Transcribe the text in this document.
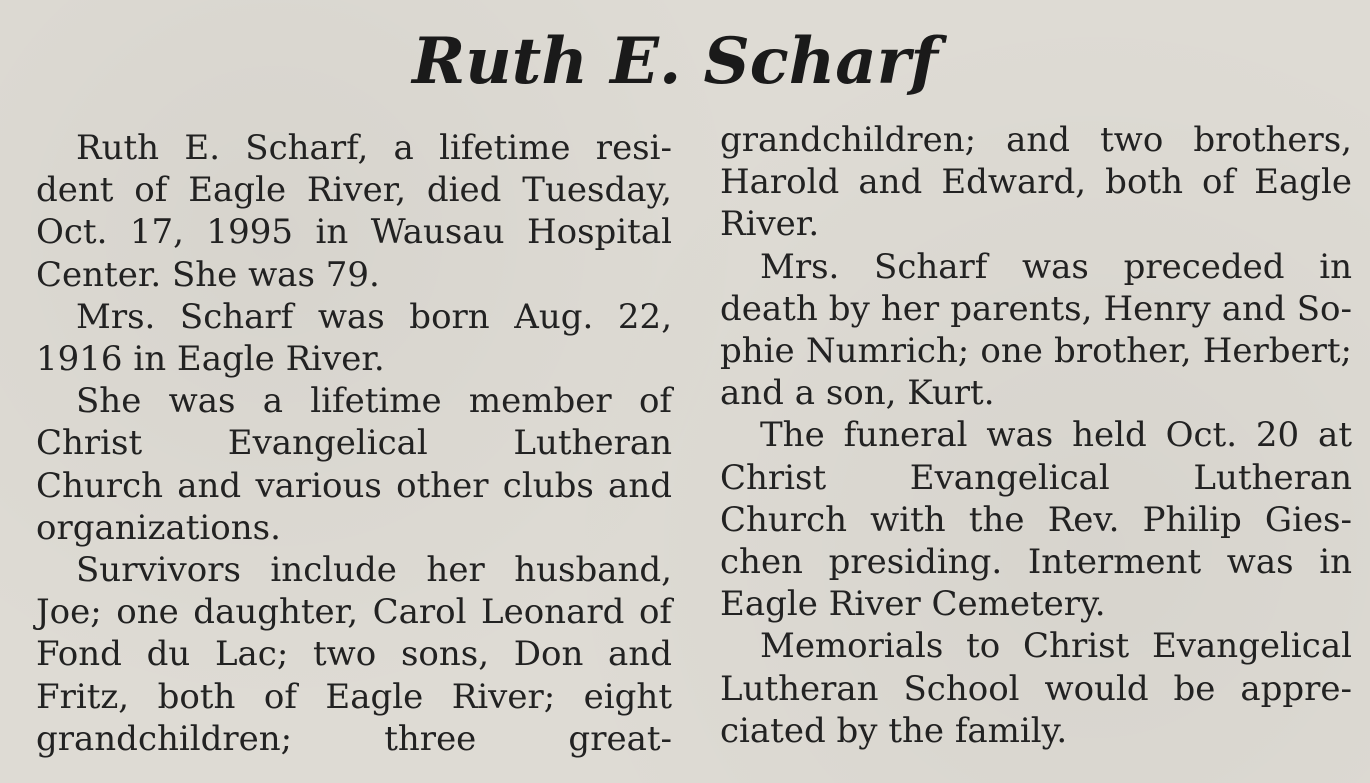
Ruth E. Scharf
Ruth E. Scharf, a lifetime resi-
dent of Eagle River, died Tuesday,
Oct. 17, 1995 in Wausau Hospital
Center. She was 79.
Mrs. Scharf was born Aug. 22,
1916 in Eagle River.
She was a lifetime member of
Christ Evangelical Lutheran
Church and various other clubs and
organizations.
Survivors include her husband,
Joe; one daughter, Carol Leonard of
Fond du Lac; two sons, Don and
Fritz, both of Eagle River; eight
grandchildren; three great-
grandchildren; and two brothers,
Harold and Edward, both of Eagle
River.
Mrs. Scharf was preceded in
death by her parents, Henry and So-
phie Numrich; one brother, Herbert;
and a son, Kurt.
The funeral was held Oct. 20 at
Christ Evangelical Lutheran
Church with the Rev. Philip Gies-
chen presiding. Interment was in
Eagle River Cemetery.
Memorials to Christ Evangelical
Lutheran School would be appre-
ciated by the family.
